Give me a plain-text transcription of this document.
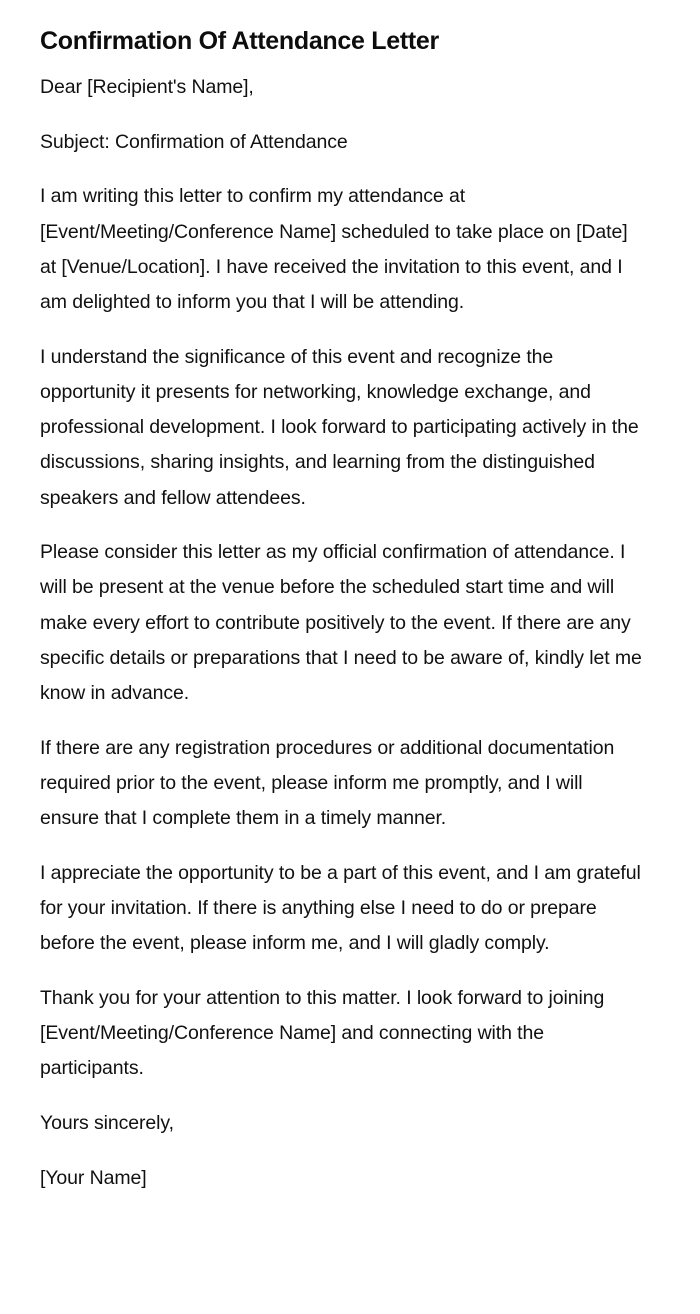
Confirmation Of Attendance Letter

Dear [Recipient's Name],

Subject: Confirmation of Attendance

I am writing this letter to confirm my attendance at [Event/Meeting/Conference Name] scheduled to take place on [Date] at [Venue/Location]. I have received the invitation to this event, and I am delighted to inform you that I will be attending.

I understand the significance of this event and recognize the opportunity it presents for networking, knowledge exchange, and professional development. I look forward to participating actively in the discussions, sharing insights, and learning from the distinguished speakers and fellow attendees.

Please consider this letter as my official confirmation of attendance. I will be present at the venue before the scheduled start time and will make every effort to contribute positively to the event. If there are any specific details or preparations that I need to be aware of, kindly let me know in advance.

If there are any registration procedures or additional documentation required prior to the event, please inform me promptly, and I will ensure that I complete them in a timely manner.

I appreciate the opportunity to be a part of this event, and I am grateful for your invitation. If there is anything else I need to do or prepare before the event, please inform me, and I will gladly comply.

Thank you for your attention to this matter. I look forward to joining [Event/Meeting/Conference Name] and connecting with the participants.

Yours sincerely,

[Your Name]
